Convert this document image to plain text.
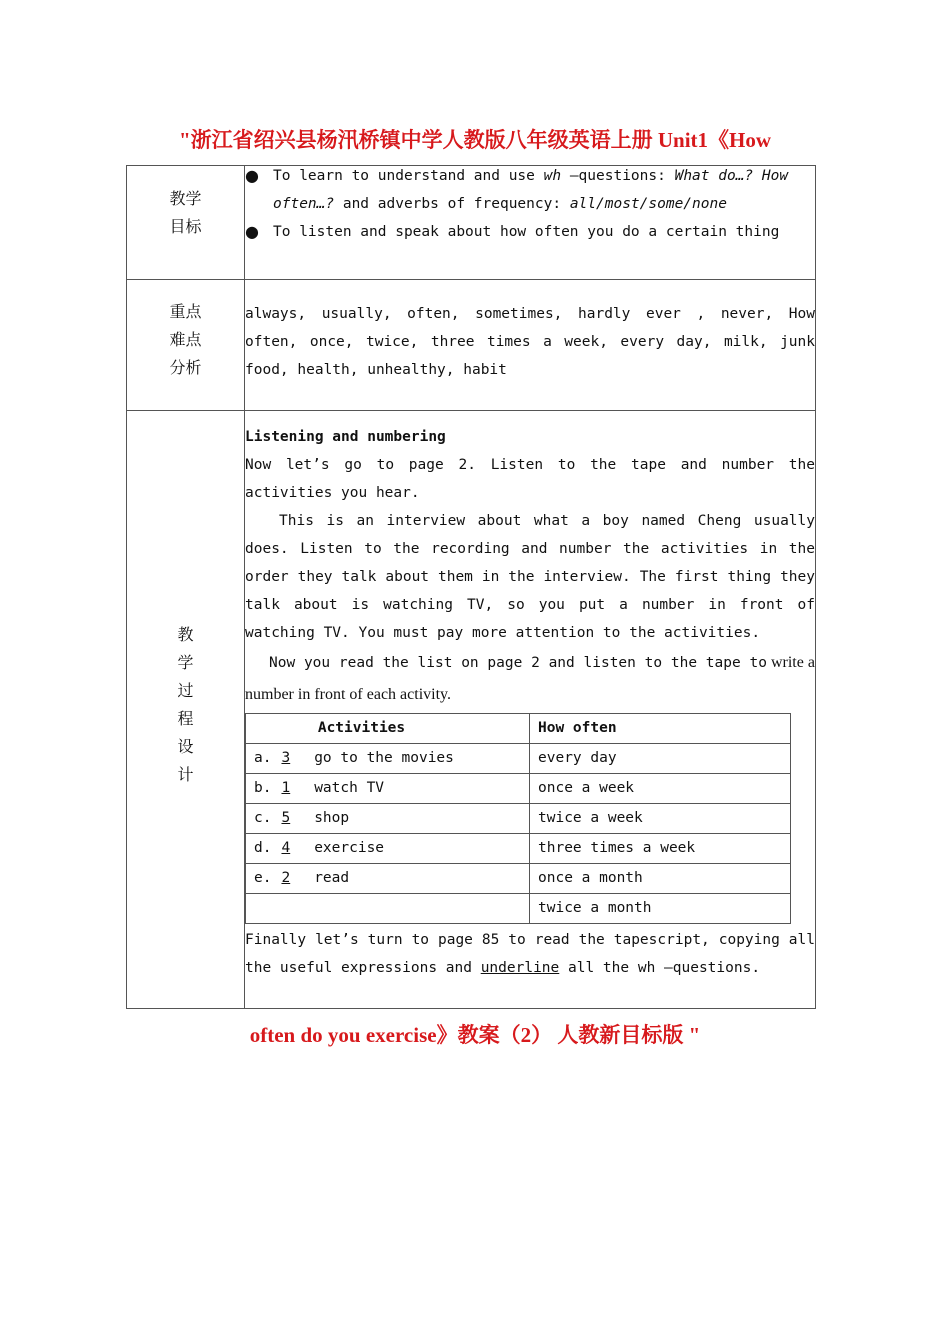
"浙江省绍兴县杨汛桥镇中学人教版八年级英语上册 Unit1《How
教学
目标

● To learn to understand and use wh –questions: What do…? How
often…? and adverbs of frequency: all/most/some/none
● To listen and speak about how often you do a certain thing

重点
难点
分析

always, usually, often, sometimes, hardly ever , never, How often, once, twice, three times a week, every day, milk, junk food, health, unhealthy, habit

教
学
过
程
设
计

Listening and numbering
Now let’s go to page 2. Listen to the tape and number the activities you hear.
This is an interview about what a boy named Cheng usually does. Listen to the recording and number the activities in the order they talk about them in the interview. The first thing they talk about is watching TV, so you put a number in front of watching TV. You must pay more attention to the activities.
Now you read the list on page 2 and listen to the tape to write a number in front of each activity.
Activities	How often
a. 3 go to the movies	every day
b. 1 watch TV	once a week
c. 5 shop	twice a week
d. 4 exercise	three times a week
e. 2 read	once a month
	twice a month
Finally let’s turn to page 85 to read the tapescript, copying all the useful expressions and underline all the wh –questions.
often do you exercise》教案（2） 人教新目标版 "
